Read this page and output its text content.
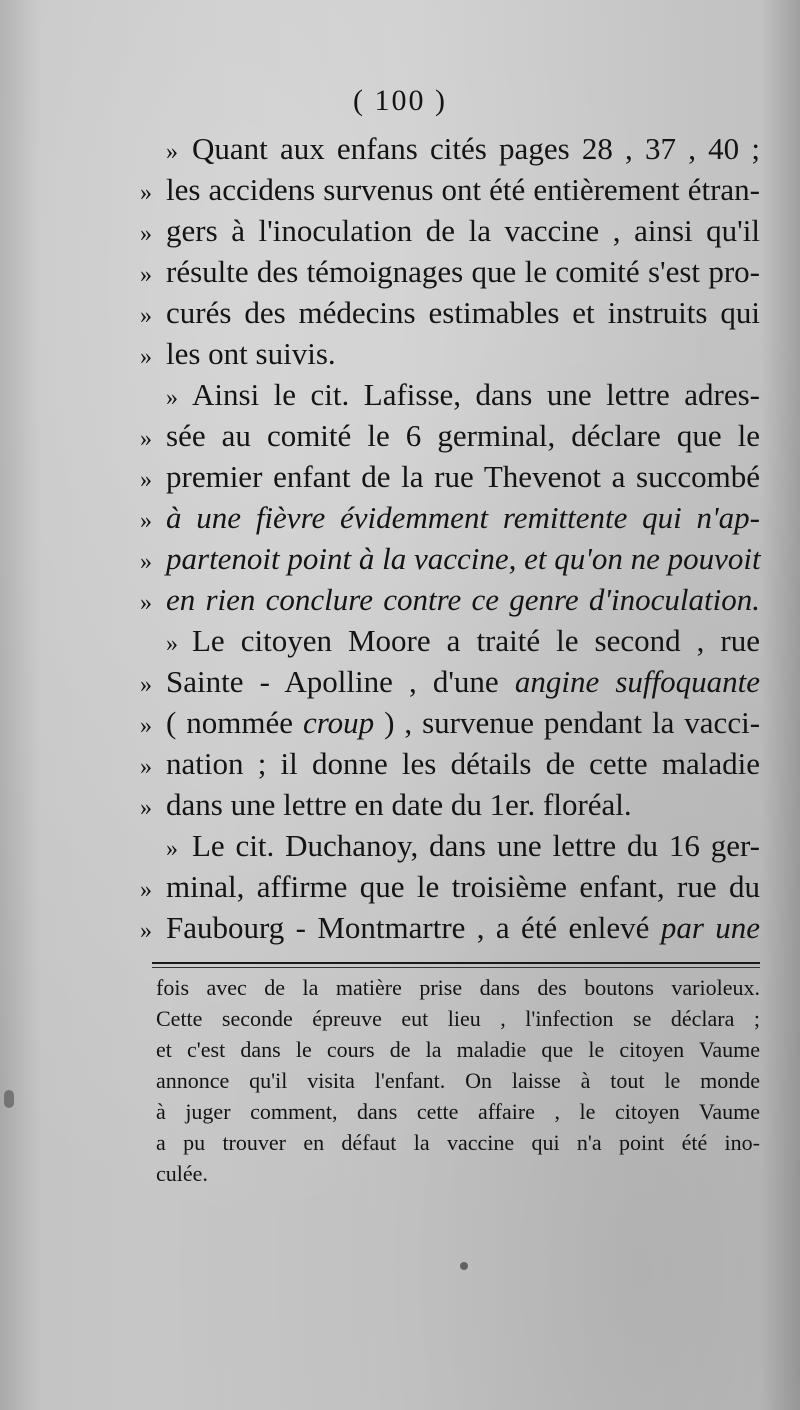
( 100 )
» Quant aux enfans cités pages 28 , 37 , 40 ;
» les accidens survenus ont été entièrement étran-
» gers à l'inoculation de la vaccine , ainsi qu'il
» résulte des témoignages que le comité s'est pro-
» curés des médecins estimables et instruits qui
» les ont suivis.
» Ainsi le cit. Lafisse, dans une lettre adres-
» sée au comité le 6 germinal, déclare que le
» premier enfant de la rue Thevenot a succombé
» à une fièvre évidemment remittente qui n'ap-
» partenoit point à la vaccine, et qu'on ne pouvoit
» en rien conclure contre ce genre d'inoculation.
» Le citoyen Moore a traité le second , rue
» Sainte - Apolline , d'une angine suffoquante
» ( nommée croup ) , survenue pendant la vacci-
» nation ; il donne les détails de cette maladie
» dans une lettre en date du 1er. floréal.
» Le cit. Duchanoy, dans une lettre du 16 ger-
» minal, affirme que le troisième enfant, rue du
» Faubourg - Montmartre , a été enlevé par une
fois avec de la matière prise dans des boutons varioleux.
Cette seconde épreuve eut lieu , l'infection se déclara ;
et c'est dans le cours de la maladie que le citoyen Vaume
annonce qu'il visita l'enfant. On laisse à tout le monde
à juger comment, dans cette affaire , le citoyen Vaume
a pu trouver en défaut la vaccine qui n'a point été ino-
culée.
